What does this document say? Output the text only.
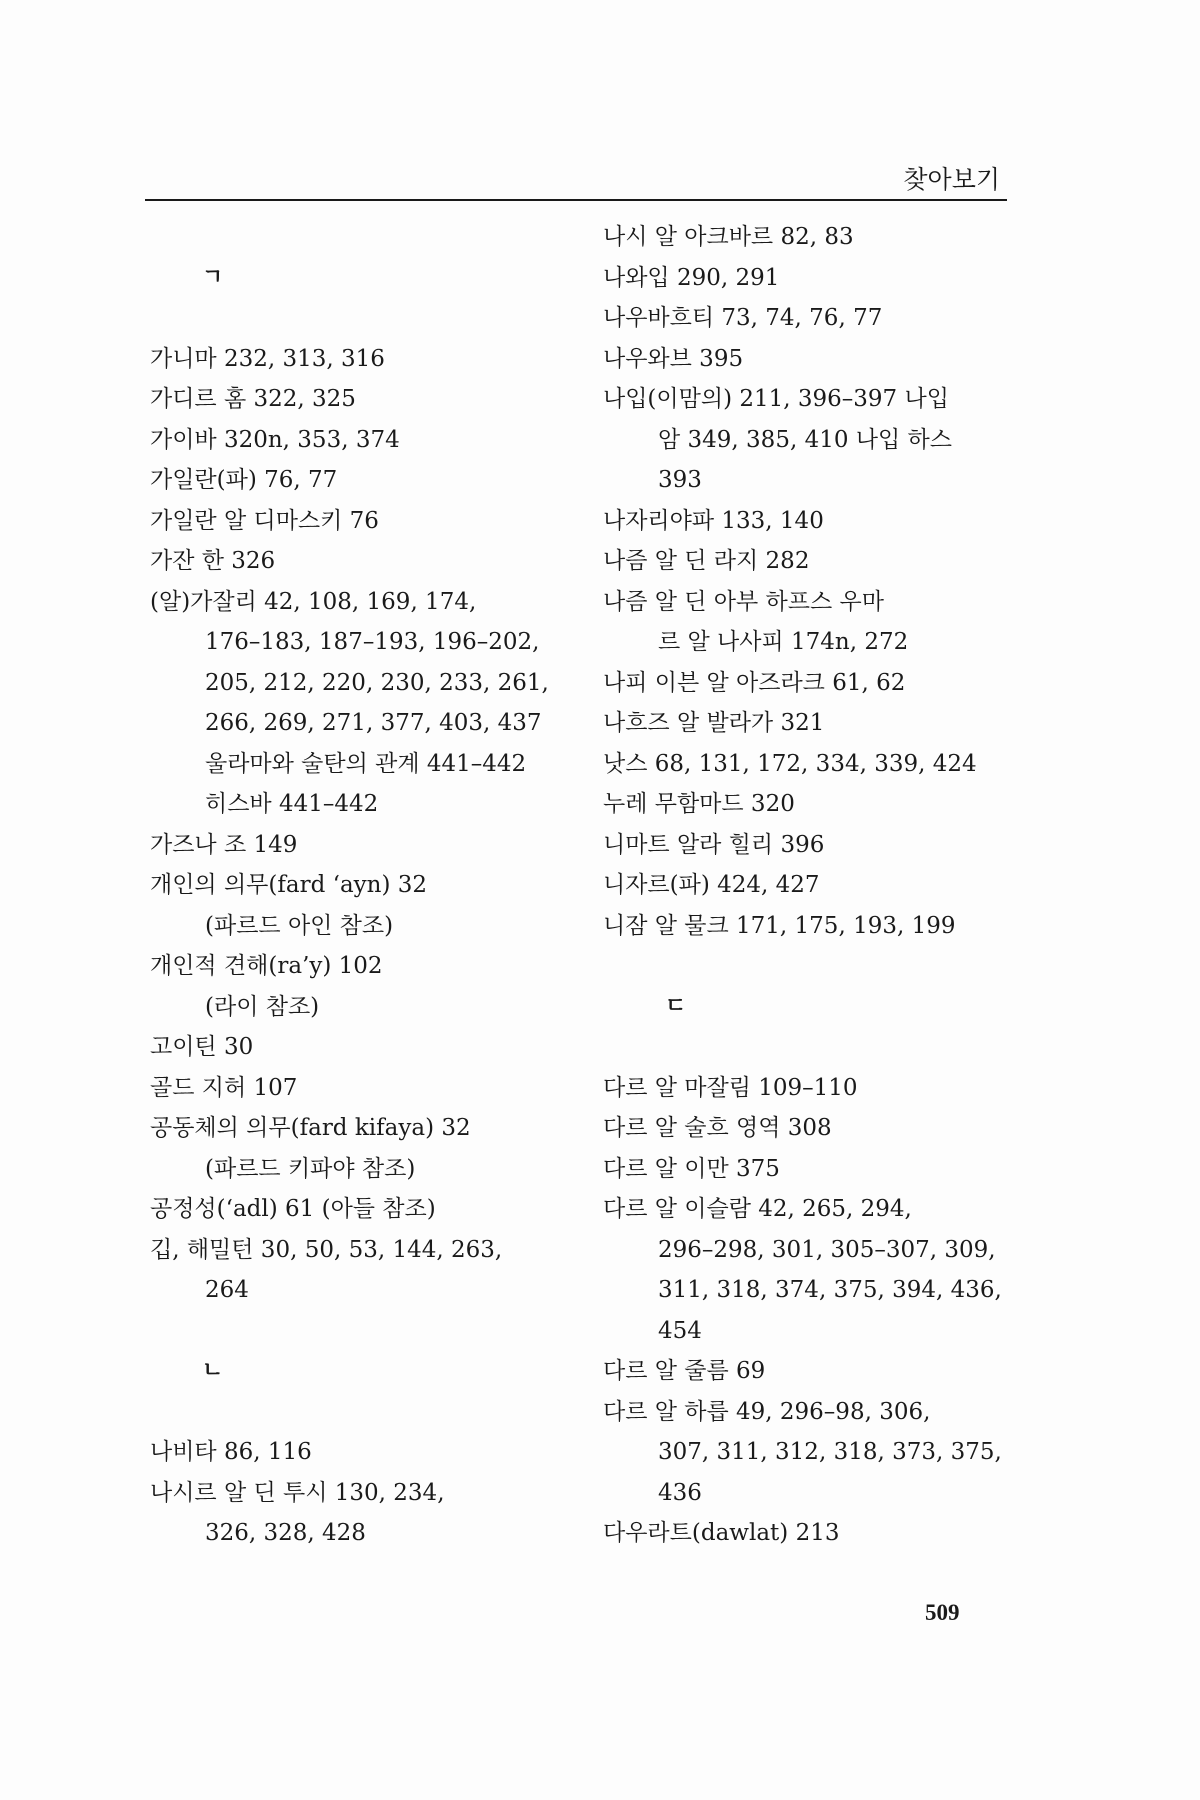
찾아보기
ㄱ
가니마 232, 313, 316
가디르 홈 322, 325
가이바 320n, 353, 374
가일란(파) 76, 77
가일란 알 디마스키 76
가잔 한 326
(알)가잘리 42, 108, 169, 174,
176–183, 187–193, 196–202,
205, 212, 220, 230, 233, 261,
266, 269, 271, 377, 403, 437
울라마와 술탄의 관계 441–442
히스바 441–442
가즈나 조 149
개인의 의무(fard ‘ayn) 32
(파르드 아인 참조)
개인적 견해(ra’y) 102
(라이 참조)
고이틴 30
골드 지허 107
공동체의 의무(fard kifaya) 32
(파르드 키파야 참조)
공정성(‘adl) 61 (아들 참조)
깁, 해밀턴 30, 50, 53, 144, 263,
264
ㄴ
나비타 86, 116
나시르 알 딘 투시 130, 234,
326, 328, 428
나시 알 아크바르 82, 83
나와입 290, 291
나우바흐티 73, 74, 76, 77
나우와브 395
나입(이맘의) 211, 396–397 나입
암 349, 385, 410 나입 하스
393
나자리야파 133, 140
나즘 알 딘 라지 282
나즘 알 딘 아부 하프스 우마
르 알 나사피 174n, 272
나피 이븐 알 아즈라크 61, 62
나흐즈 알 발라가 321
낫스 68, 131, 172, 334, 339, 424
누레 무함마드 320
니마트 알라 힐리 396
니자르(파) 424, 427
니잠 알 물크 171, 175, 193, 199
ㄷ
다르 알 마잘림 109–110
다르 알 술흐 영역 308
다르 알 이만 375
다르 알 이슬람 42, 265, 294,
296–298, 301, 305–307, 309,
311, 318, 374, 375, 394, 436,
454
다르 알 줄름 69
다르 알 하릅 49, 296–98, 306,
307, 311, 312, 318, 373, 375,
436
다우라트(dawlat) 213
509
